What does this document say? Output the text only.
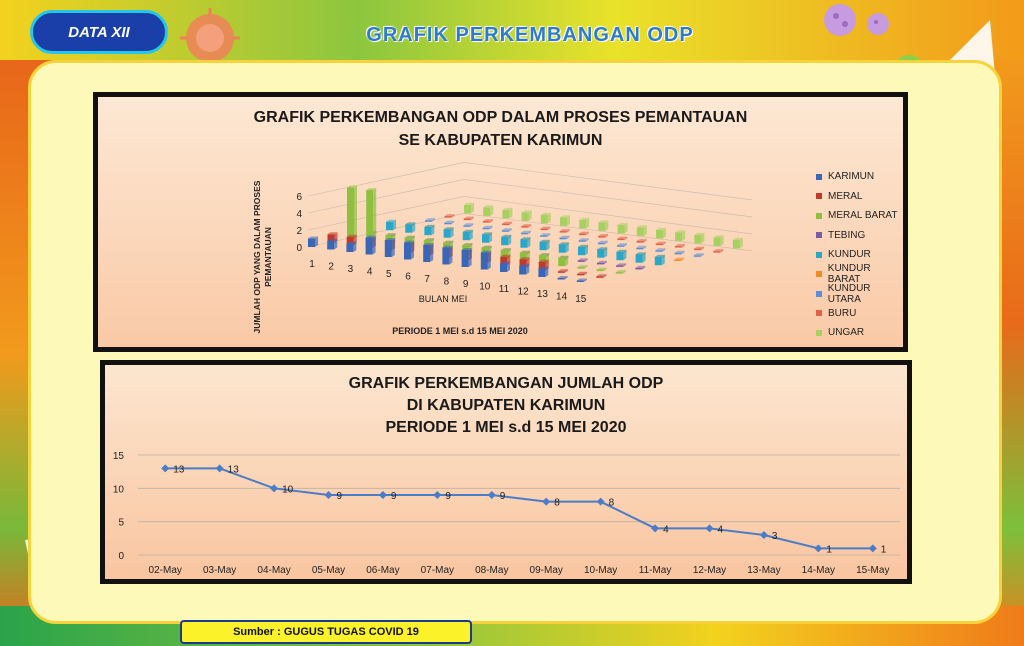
DATA XII	GRAFIK PERKEMBANGAN ODP
GRAFIK PERKEMBANGAN ODP DALAM PROSES PEMANTAUAN
SE KABUPATEN KARIMUN
0
2
4
6
1 2 3 4 5 6 7 8 9 10 11 12 13 14 15
BULAN MEI
JUMLAH ODP YANG DALAM PROSES PEMANTAUAN
PERIODE 1 MEI s.d 15 MEI 2020
KARIMUN
MERAL
MERAL BARAT
TEBING
KUNDUR
KUNDUR BARAT
KUNDUR UTARA
BURU
UNGAR
GRAFIK PERKEMBANGAN JUMLAH ODP
DI KABUPATEN KARIMUN
PERIODE 1 MEI s.d 15 MEI 2020
0
5
10
15
13	13
10
9	9	9	9
8	8
4	4
3
1	1
02-May 03-May 04-May 05-May 06-May 07-May 08-May 09-May 10-May 11-May 12-May 13-May 14-May 15-May
Sumber : GUGUS TUGAS COVID 19
